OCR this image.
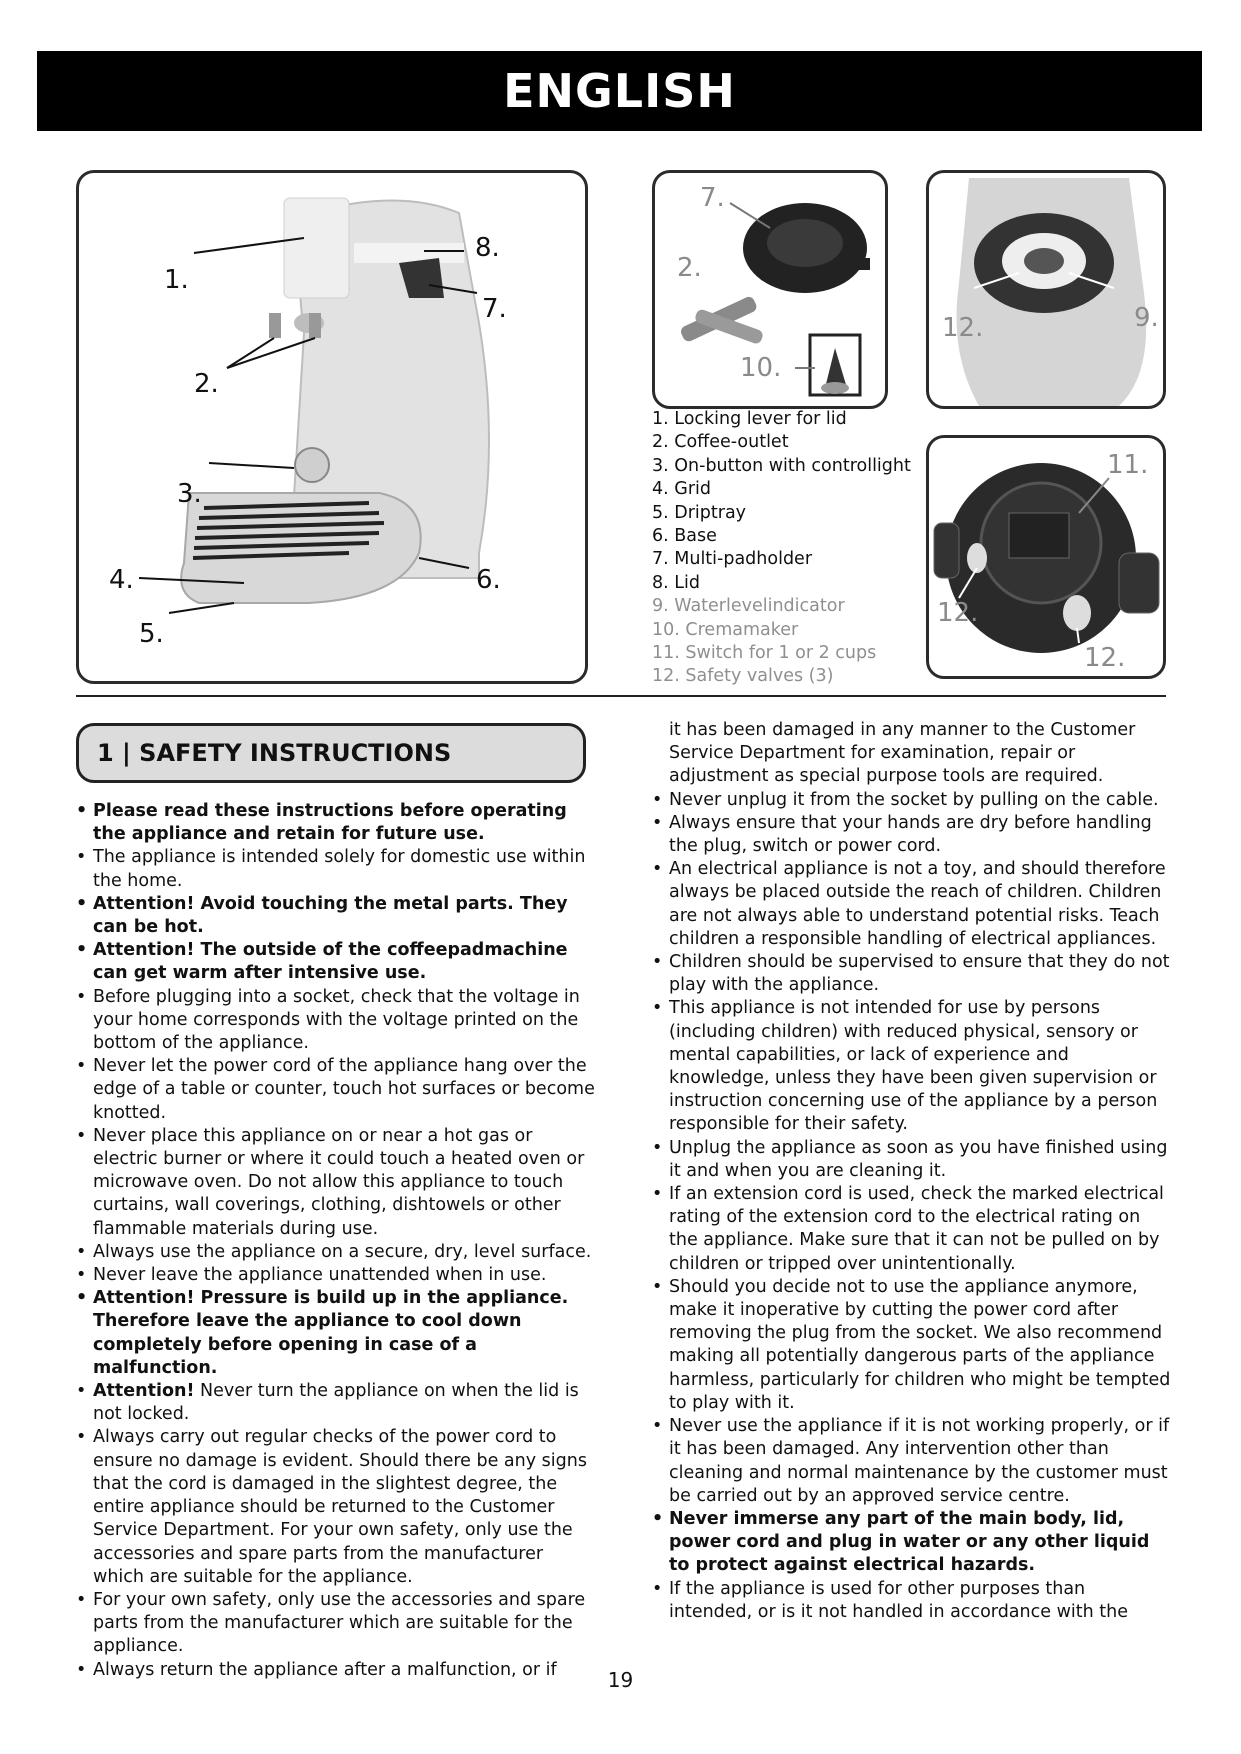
ENGLISH
1.
2.
3.
4.
5.
6.
7.
8.
7.
2.
10.
12.	9.
11.
12.
12.
1. Locking lever for lid
2. Coffee-outlet
3. On-button with controllight
4. Grid
5. Driptray
6. Base
7. Multi-padholder
8. Lid
9. Waterlevelindicator
10. Cremamaker
11. Switch for 1 or 2 cups
12. Safety valves (3)
1 | SAFETY INSTRUCTIONS

• Please read these instructions before operating the appliance and retain for future use.

• The appliance is intended solely for domestic use within the home.

• Attention! Avoid touching the metal parts. They can be hot.

• Attention! The outside of the coffeepadmachine can get warm after intensive use.

• Before plugging into a socket, check that the voltage in your home corresponds with the voltage printed on the bottom of the appliance.

• Never let the power cord of the appliance hang over the edge of a table or counter, touch hot surfaces or become knotted.

• Never place this appliance on or near a hot gas or electric burner or where it could touch a heated oven or microwave oven. Do not allow this appliance to touch curtains, wall coverings, clothing, dishtowels or other flammable materials during use.

• Always use the appliance on a secure, dry, level surface.

• Never leave the appliance unattended when in use.

• Attention! Pressure is build up in the appliance. Therefore leave the appliance to cool down completely before opening in case of a malfunction.

• Attention! Never turn the appliance on when the lid is not locked.

• Always carry out regular checks of the power cord to ensure no damage is evident. Should there be any signs that the cord is damaged in the slightest degree, the entire appliance should be returned to the Customer Service Department. For your own safety, only use the accessories and spare parts from the manufacturer which are suitable for the appliance.

• For your own safety, only use the accessories and spare parts from the manufacturer which are suitable for the appliance.

• Always return the appliance after a malfunction, or if

it has been damaged in any manner to the Customer Service Department for examination, repair or adjustment as special purpose tools are required.

• Never unplug it from the socket by pulling on the cable.

• Always ensure that your hands are dry before handling the plug, switch or power cord.

• An electrical appliance is not a toy, and should therefore always be placed outside the reach of children. Children are not always able to understand potential risks. Teach children a responsible handling of electrical appliances.

• Children should be supervised to ensure that they do not play with the appliance.

• This appliance is not intended for use by persons (including children) with reduced physical, sensory or mental capabilities, or lack of experience and knowledge, unless they have been given supervision or instruction concerning use of the appliance by a person responsible for their safety.

• Unplug the appliance as soon as you have finished using it and when you are cleaning it.

• If an extension cord is used, check the marked electrical rating of the extension cord to the electrical rating on the appliance. Make sure that it can not be pulled on by children or tripped over unintentionally.

• Should you decide not to use the appliance anymore, make it inoperative by cutting the power cord after removing the plug from the socket. We also recommend making all potentially dangerous parts of the appliance harmless, particularly for children who might be tempted to play with it.

• Never use the appliance if it is not working properly, or if it has been damaged. Any intervention other than cleaning and normal maintenance by the customer must be carried out by an approved service centre.

• Never immerse any part of the main body, lid, power cord and plug in water or any other liquid to protect against electrical hazards.

• If the appliance is used for other purposes than intended, or is it not handled in accordance with the

19
